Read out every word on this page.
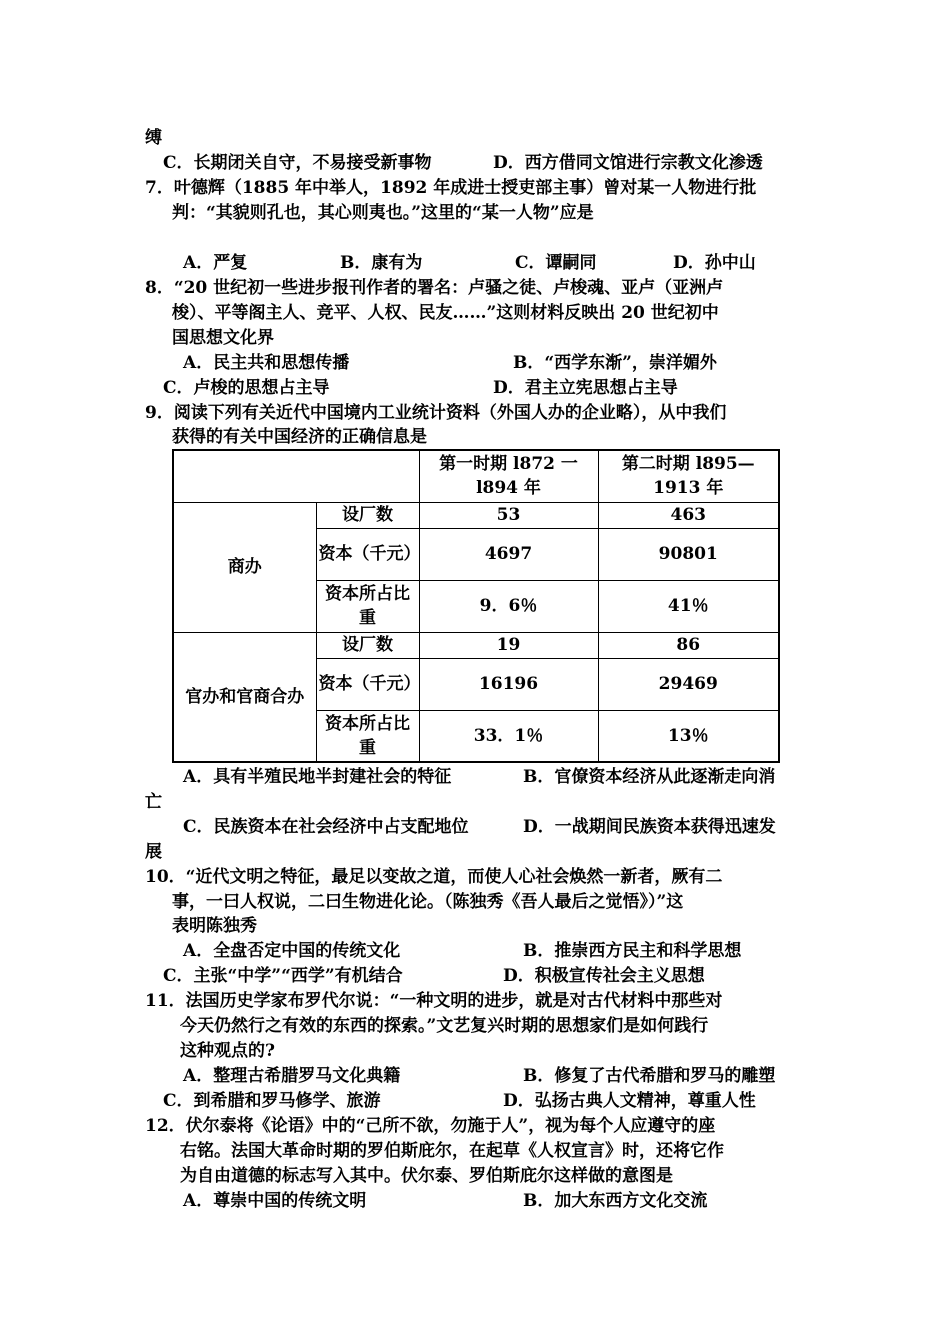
缚
C．长期闭关自守，不易接受新事物	D．西方借同文馆进行宗教文化渗透
7．叶德辉（1885 年中举人，1892 年成进士授吏部主事）曾对某一人物进行批
判：“其貌则孔也，其心则夷也。”这里的“某一人物”应是
A．严复	B．康有为	C．谭嗣同	D．孙中山
8．“20 世纪初一些进步报刊作者的署名：卢骚之徒、卢梭魂、亚卢（亚洲卢
梭）、平等阁主人、竞平、人权、民友……”这则材料反映出 20 世纪初中
国思想文化界
A．民主共和思想传播	B．“西学东渐”，崇洋媚外
C．卢梭的思想占主导	D．君主立宪思想占主导
9．阅读下列有关近代中国境内工业统计资料（外国人办的企业略），从中我们
获得的有关中国经济的正确信息是
		第一时期 l872 一 l894 年	第二时期 l895—1913 年
商办	设厂数	53	463
	资本（千元）	4697	90801
	资本所占比重	9．6％	41％
官办和官商合办	设厂数	19	86
	资本（千元）	16196	29469
	资本所占比重	33．1％	13％
A．具有半殖民地半封建社会的特征	B．官僚资本经济从此逐渐走向消
亡
C．民族资本在社会经济中占支配地位	D．一战期间民族资本获得迅速发
展
10．“近代文明之特征，最足以变故之道，而使人心社会焕然一新者，厥有二
事，一曰人权说，二曰生物进化论。（陈独秀《吾人最后之觉悟》）”这
表明陈独秀
A．全盘否定中国的传统文化	B．推崇西方民主和科学思想
C．主张“中学”“西学”有机结合	D．积极宣传社会主义思想
11．法国历史学家布罗代尔说：“一种文明的进步，就是对古代材料中那些对
今天仍然行之有效的东西的探索。”文艺复兴时期的思想家们是如何践行
这种观点的?
A．整理古希腊罗马文化典籍	B．修复了古代希腊和罗马的雕塑
C．到希腊和罗马修学、旅游	D．弘扬古典人文精神，尊重人性
12．伏尔泰将《论语》中的“己所不欲，勿施于人”，视为每个人应遵守的座
右铭。法国大革命时期的罗伯斯庇尔，在起草《人权宣言》时，还将它作
为自由道德的标志写入其中。伏尔泰、罗伯斯庇尔这样做的意图是
A．尊崇中国的传统文明	B．加大东西方文化交流
